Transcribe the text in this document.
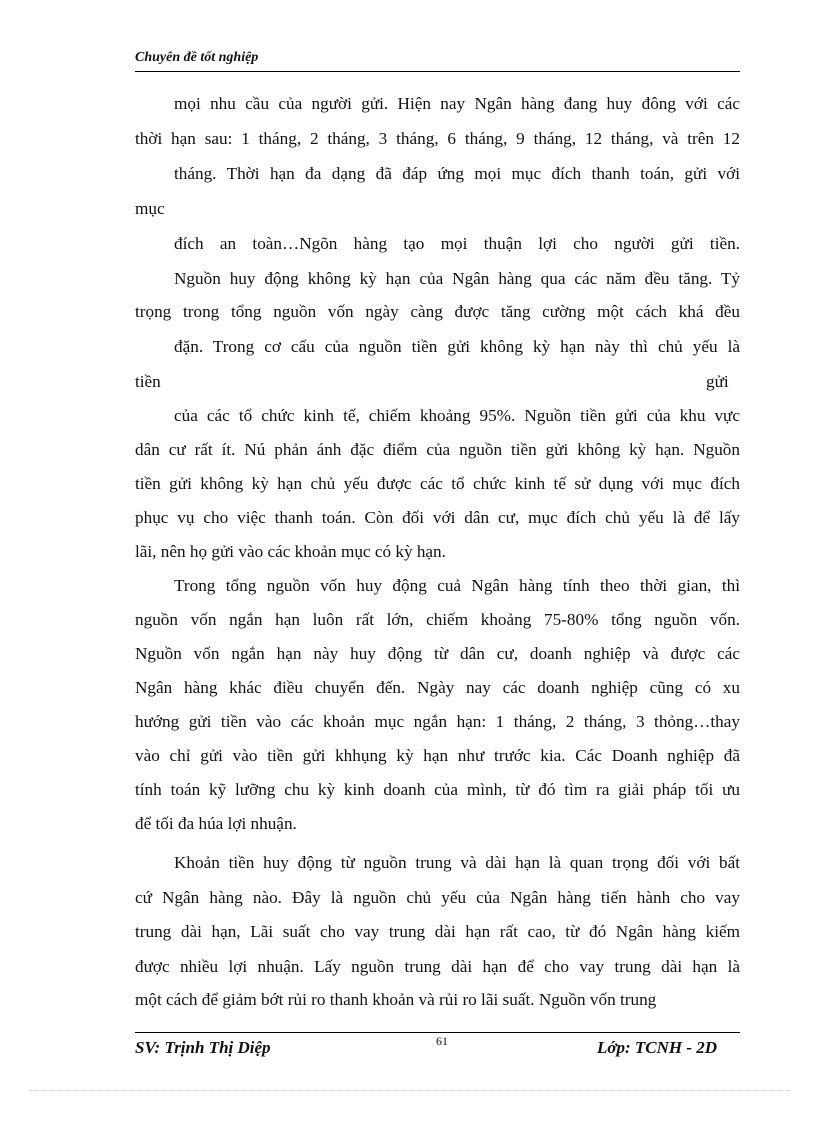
Chuyên đề tốt nghiệp
mọi nhu cầu của người gửi. Hiện nay Ngân hàng đang huy đông với các
thời hạn sau: 1 tháng, 2 tháng, 3 tháng, 6 tháng, 9 tháng, 12 tháng, và trên 12
tháng. Thời hạn đa dạng đã đáp ứng mọi mục đích thanh toán, gửi với
mục
đích an toàn…Ngõn hàng tạo mọi thuận lợi cho người gửi tiền.
Nguồn huy động không kỳ hạn của Ngân hàng qua các năm đều tăng. Tỷ
trọng trong tổng nguồn vốn ngày càng được tăng cường một cách khá đều
đặn. Trong cơ cấu của nguồn tiền gửi không kỳ hạn này thì chủ yếu là
tiền	gửi
của các tổ chức kinh tế, chiếm khoảng 95%. Nguồn tiền gửi của khu vực
dân cư rất ít. Nú phản ánh đặc điểm của nguồn tiền gửi không kỳ hạn. Nguồn
tiền gửi không kỳ hạn chủ yếu được các tổ chức kinh tế sử dụng với mục đích
phục vụ cho việc thanh toán. Còn đối với dân cư, mục đích chủ yếu là để lấy
lãi, nên họ gửi vào các khoản mục có kỳ hạn.
Trong tổng nguồn vốn huy động cuả Ngân hàng tính theo thời gian, thì
nguồn vốn ngắn hạn luôn rất lớn, chiếm khoảng 75-80% tổng nguồn vốn.
Nguồn vốn ngắn hạn này huy động từ dân cư, doanh nghiệp và được các
Ngân hàng khác điều chuyển đến. Ngày nay các doanh nghiệp cũng có xu
hướng gửi tiền vào các khoản mục ngắn hạn: 1 tháng, 2 tháng, 3 thỏng…thay
vào chỉ gửi vào tiền gửi khhụng kỳ hạn như trước kia. Các Doanh nghiệp đã
tính toán kỹ lưỡng chu kỳ kinh doanh của mình, từ đó tìm ra giải pháp tối ưu
để tối đa húa lợi nhuận.
Khoản tiền huy động từ nguồn trung và dài hạn là quan trọng đối với bất
cứ Ngân hàng nào. Đây là nguồn chủ yếu của Ngân hàng tiến hành cho vay
trung dài hạn, Lãi suất cho vay trung dài hạn rất cao, từ đó Ngân hàng kiếm
được nhiều lợi nhuận. Lấy nguồn trung dài hạn để cho vay trung dài hạn là
một cách để giảm bớt rủi ro thanh khoản và rủi ro lãi suất. Nguồn vốn trung
SV: Trịnh Thị Diệp	61	Lớp: TCNH - 2D
